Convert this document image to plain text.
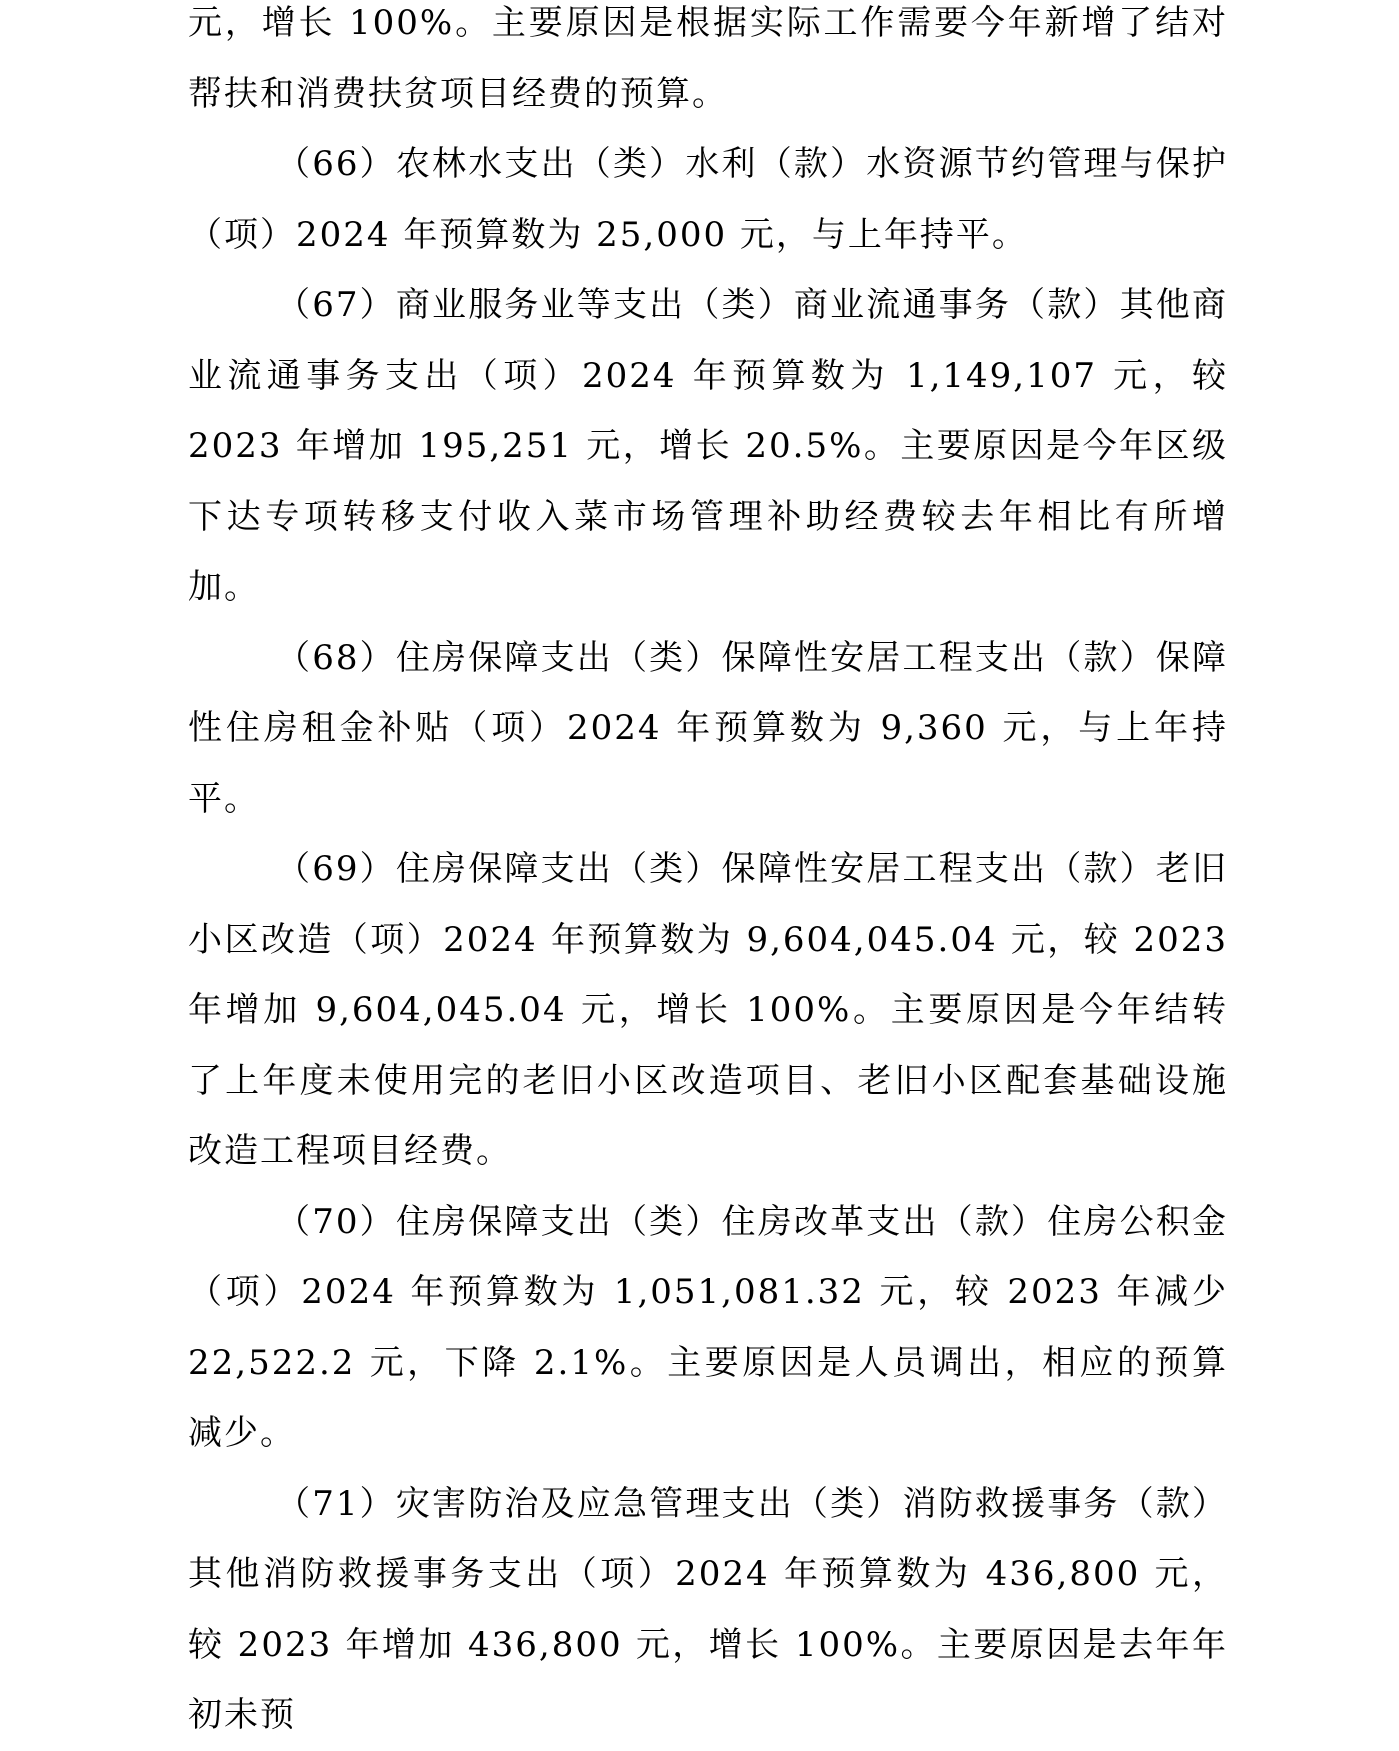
元，增长 100%。主要原因是根据实际工作需要今年新增了结对帮扶和消费扶贫项目经费的预算。

（66）农林水支出（类）水利（款）水资源节约管理与保护（项）2024 年预算数为 25,000 元，与上年持平。

（67）商业服务业等支出（类）商业流通事务（款）其他商业流通事务支出（项）2024 年预算数为 1,149,107 元，较 2023 年增加 195,251 元，增长 20.5%。主要原因是今年区级下达专项转移支付收入菜市场管理补助经费较去年相比有所增加。

（68）住房保障支出（类）保障性安居工程支出（款）保障性住房租金补贴（项）2024 年预算数为 9,360 元，与上年持平。

（69）住房保障支出（类）保障性安居工程支出（款）老旧小区改造（项）2024 年预算数为 9,604,045.04 元，较 2023 年增加 9,604,045.04 元，增长 100%。主要原因是今年结转了上年度未使用完的老旧小区改造项目、老旧小区配套基础设施改造工程项目经费。

（70）住房保障支出（类）住房改革支出（款）住房公积金（项）2024 年预算数为 1,051,081.32 元，较 2023 年减少 22,522.2 元，下降 2.1%。主要原因是人员调出，相应的预算减少。

（71）灾害防治及应急管理支出（类）消防救援事务（款）其他消防救援事务支出（项）2024 年预算数为 436,800 元，较 2023 年增加 436,800 元，增长 100%。主要原因是去年年初未预
